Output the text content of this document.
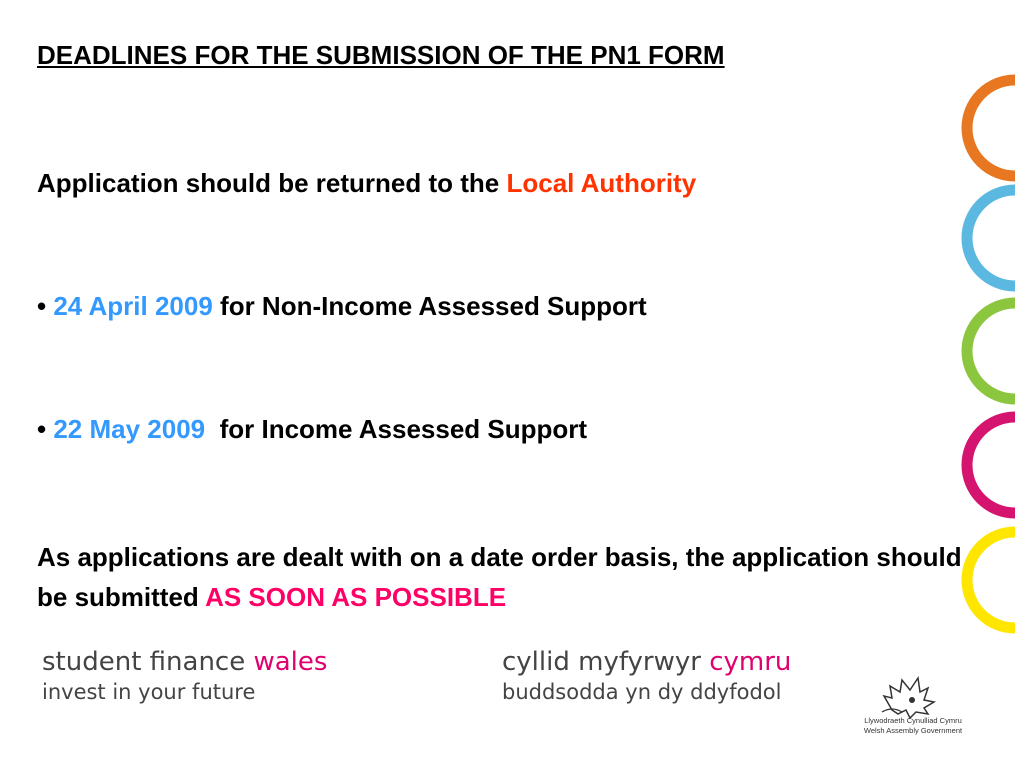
DEADLINES FOR THE SUBMISSION OF THE PN1 FORM
Application should be returned to the Local Authority
• 24 April 2009 for Non-Income Assessed Support
• 22 May 2009 for Income Assessed Support
As applications are dealt with on a date order basis, the application should be submitted AS SOON AS POSSIBLE
student finance wales
invest in your future
cyllid myfyrwyr cymru
buddsodda yn dy ddyfodol
Llywodraeth Cynulliad Cymru
Welsh Assembly Government
